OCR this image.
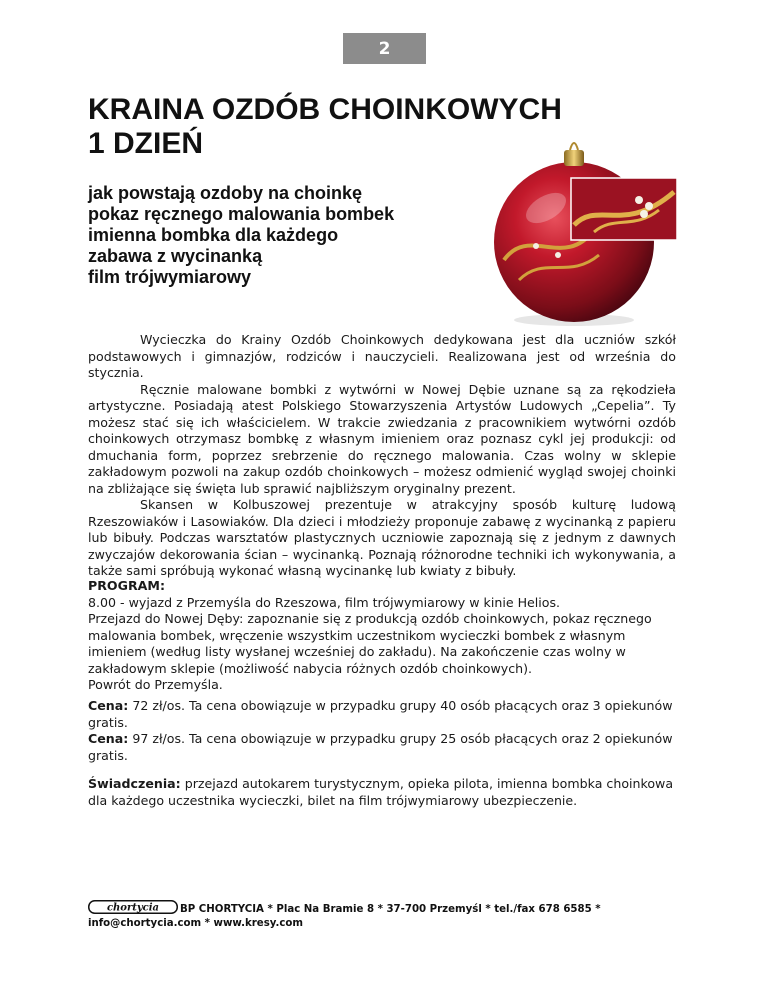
2
KRAINA OZDÓB CHOINKOWYCH
1 DZIEŃ
jak powstają ozdoby na choinkę
pokaz ręcznego malowania bombek
imienna bombka dla każdego
zabawa z wycinanką
film trójwymiarowy

Wycieczka do Krainy Ozdób Choinkowych dedykowana jest dla uczniów szkół podstawowych i gimnazjów, rodziców i nauczycieli. Realizowana jest od września do stycznia.

Ręcznie malowane bombki z wytwórni w Nowej Dębie uznane są za rękodzieła artystyczne. Posiadają atest Polskiego Stowarzyszenia Artystów Ludowych „Cepelia”. Ty możesz stać się ich właścicielem. W trakcie zwiedzania z pracownikiem wytwórni ozdób choinkowych otrzymasz bombkę z własnym imieniem oraz poznasz cykl jej produkcji: od dmuchania form, poprzez srebrzenie do ręcznego malowania. Czas wolny w sklepie zakładowym pozwoli na zakup ozdób choinkowych – możesz odmienić wygląd swojej choinki na zbliżające się święta lub sprawić najbliższym oryginalny prezent.

Skansen w Kolbuszowej prezentuje w atrakcyjny sposób kulturę ludową Rzeszowiaków i Lasowiaków. Dla dzieci i młodzieży proponuje zabawę z wycinanką z papieru lub bibuły. Podczas warsztatów plastycznych uczniowie zapoznają się z jednym z dawnych zwyczajów dekorowania ścian – wycinanką. Poznają różnorodne techniki ich wykonywania, a także sami spróbują wykonać własną wycinankę lub kwiaty z bibuły.

PROGRAM:
8.00 - wyjazd z Przemyśla do Rzeszowa, film trójwymiarowy w kinie Helios.
Przejazd do Nowej Dęby: zapoznanie się z produkcją ozdób choinkowych, pokaz ręcznego malowania bombek, wręczenie wszystkim uczestnikom wycieczki bombek z własnym imieniem (według listy wysłanej wcześniej do zakładu). Na zakończenie czas wolny w zakładowym sklepie (możliwość nabycia różnych ozdób choinkowych).
Powrót do Przemyśla.
Cena: 72 zł/os. Ta cena obowiązuje w przypadku grupy 40 osób płacących oraz 3 opiekunów gratis.
Cena: 97 zł/os. Ta cena obowiązuje w przypadku grupy 25 osób płacących oraz 2 opiekunów gratis.
Świadczenia: przejazd autokarem turystycznym, opieka pilota, imienna bombka choinkowa dla każdego uczestnika wycieczki, bilet na film trójwymiarowy ubezpieczenie.
chortycia BP CHORTYCIA * Plac Na Bramie 8 * 37-700 Przemyśl * tel./fax 678 6585 * info@chortycia.com * www.kresy.com
